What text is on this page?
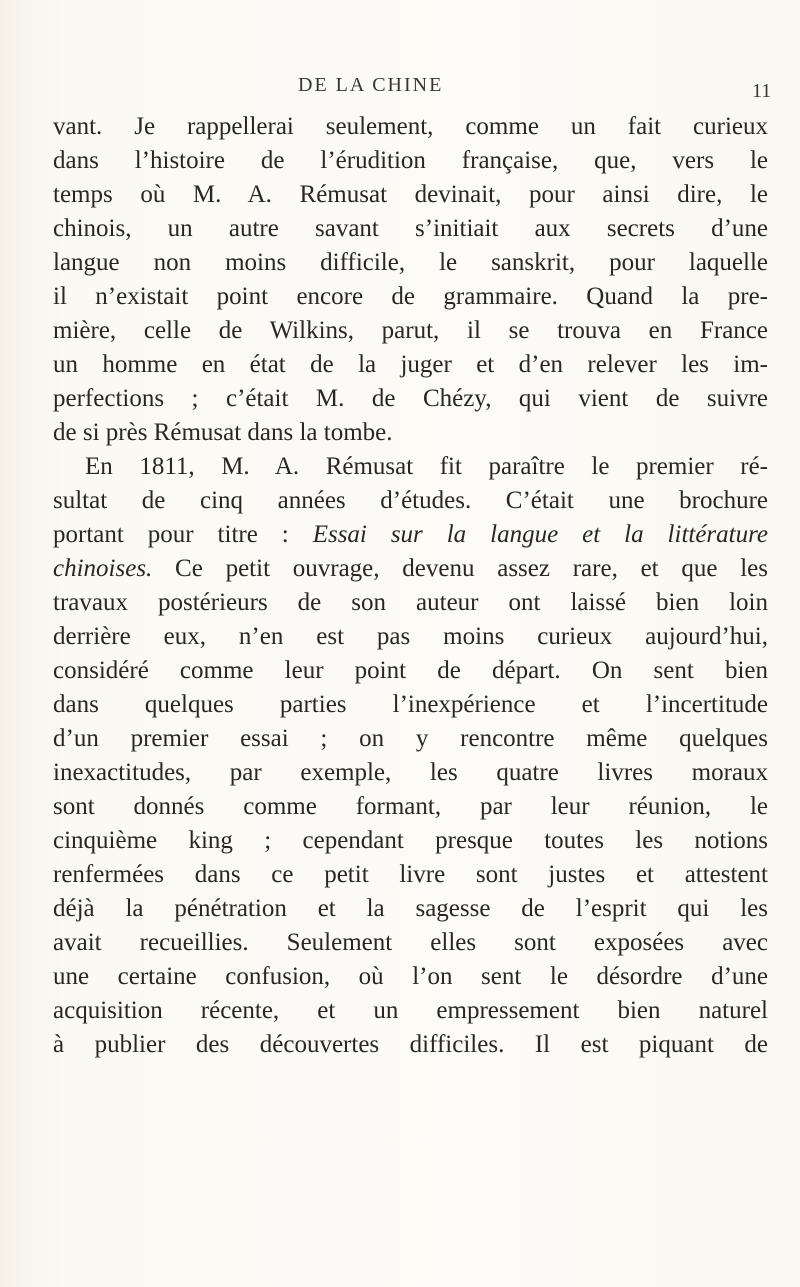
DE LA CHINE	11
vant. Je rappellerai seulement, comme un fait curieux
dans l’histoire de l’érudition française, que, vers le
temps où M. A. Rémusat devinait, pour ainsi dire, le
chinois, un autre savant s’initiait aux secrets d’une
langue non moins difficile, le sanskrit, pour laquelle
il n’existait point encore de grammaire. Quand la pre-
mière, celle de Wilkins, parut, il se trouva en France
un homme en état de la juger et d’en relever les im-
perfections ; c’était M. de Chézy, qui vient de suivre
de si près Rémusat dans la tombe.
En 1811, M. A. Rémusat fit paraître le premier ré-
sultat de cinq années d’études. C’était une brochure
portant pour titre : Essai sur la langue et la littérature
chinoises. Ce petit ouvrage, devenu assez rare, et que les
travaux postérieurs de son auteur ont laissé bien loin
derrière eux, n’en est pas moins curieux aujourd’hui,
considéré comme leur point de départ. On sent bien
dans quelques parties l’inexpérience et l’incertitude
d’un premier essai ; on y rencontre même quelques
inexactitudes, par exemple, les quatre livres moraux
sont donnés comme formant, par leur réunion, le
cinquième king ; cependant presque toutes les notions
renfermées dans ce petit livre sont justes et attestent
déjà la pénétration et la sagesse de l’esprit qui les
avait recueillies. Seulement elles sont exposées avec
une certaine confusion, où l’on sent le désordre d’une
acquisition récente, et un empressement bien naturel
à publier des découvertes difficiles. Il est piquant de
